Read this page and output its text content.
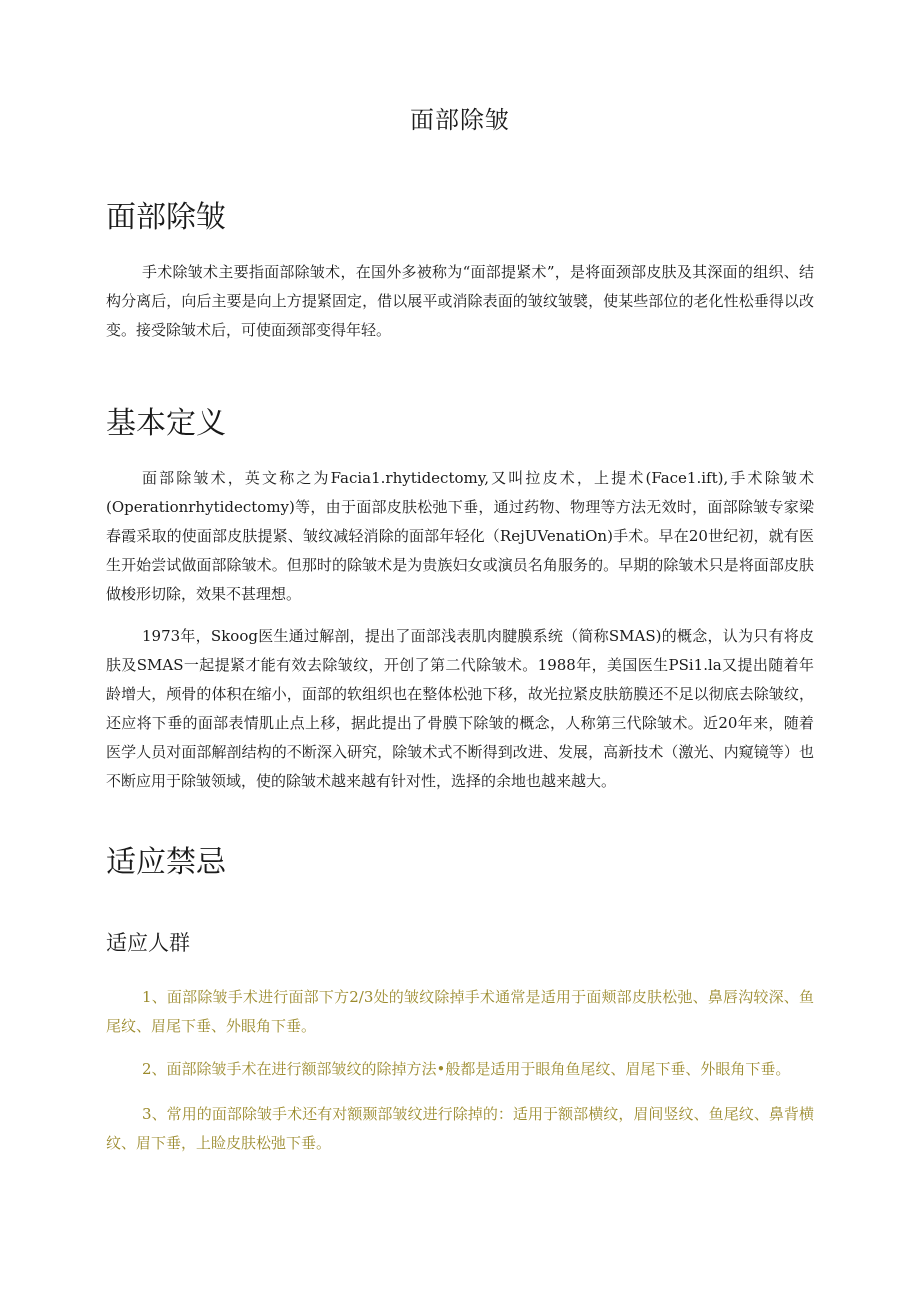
面部除皱
面部除皱

手术除皱术主要指面部除皱术，在国外多被称为“面部提紧术”，是将面颈部皮肤及其深面的组织、结构分离后，向后主要是向上方提紧固定，借以展平或消除表面的皱纹皱襞，使某些部位的老化性松垂得以改变。接受除皱术后，可使面颈部变得年轻。

基本定义

面部除皱术，英文称之为Facia1.rhytidectomy,又叫拉皮术，上提术(Face1.ift),手术除皱术(Operationrhytidectomy)等，由于面部皮肤松弛下垂，通过药物、物理等方法无效时，面部除皱专家梁春霞采取的使面部皮肤提紧、皱纹减轻消除的面部年轻化（RejUVenatiOn)手术。早在20世纪初，就有医生开始尝试做面部除皱术。但那时的除皱术是为贵族妇女或演员名角服务的。早期的除皱术只是将面部皮肤做梭形切除，效果不甚理想。

1973年，Skoog医生通过解剖，提出了面部浅表肌肉腱膜系统（简称SMAS)的概念，认为只有将皮肤及SMAS一起提紧才能有效去除皱纹，开创了第二代除皱术。1988年，美国医生PSi1.la又提出随着年龄增大，颅骨的体积在缩小，面部的软组织也在整体松弛下移，故光拉紧皮肤筋膜还不足以彻底去除皱纹，还应将下垂的面部表情肌止点上移，据此提出了骨膜下除皱的概念，人称第三代除皱术。近20年来，随着医学人员对面部解剖结构的不断深入研究，除皱术式不断得到改进、发展，高新技术（激光、内窥镜等）也不断应用于除皱领域，使的除皱术越来越有针对性，选择的余地也越来越大。

适应禁忌
适应人群

1、面部除皱手术进行面部下方2/3处的皱纹除掉手术通常是适用于面颊部皮肤松弛、鼻唇沟较深、鱼尾纹、眉尾下垂、外眼角下垂。

2、面部除皱手术在进行额部皱纹的除掉方法•般都是适用于眼角鱼尾纹、眉尾下垂、外眼角下垂。

3、常用的面部除皱手术还有对额颞部皱纹进行除掉的：适用于额部横纹，眉间竖纹、鱼尾纹、鼻背横纹、眉下垂，上睑皮肤松弛下垂。
